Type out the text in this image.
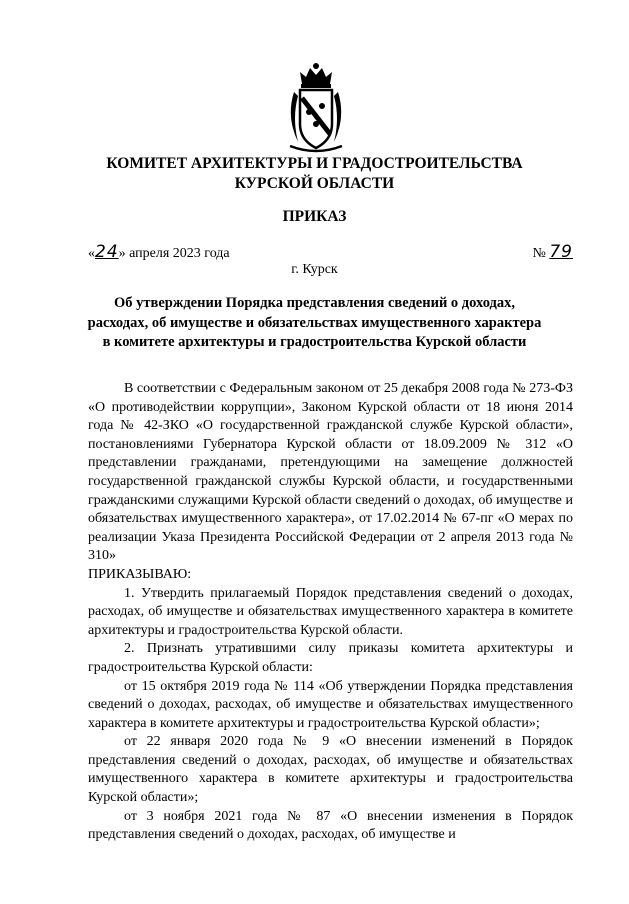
КОМИТЕТ АРХИТЕКТУРЫ И ГРАДОСТРОИТЕЛЬСТВА
КУРСКОЙ ОБЛАСТИ
ПРИКАЗ
«24» апреля 2023 года	№ 79
г. Курск
Об утверждении Порядка представления сведений о доходах,
расходах, об имуществе и обязательствах имущественного характера
в комитете архитектуры и градостроительства Курской области

В соответствии с Федеральным законом от 25 декабря 2008 года № 273-ФЗ «О противодействии коррупции», Законом Курской области от 18 июня 2014 года № 42-ЗКО «О государственной гражданской службе Курской области», постановлениями Губернатора Курской области от 18.09.2009 № 312 «О представлении гражданами, претендующими на замещение должностей государственной гражданской службы Курской области, и государственными гражданскими служащими Курской области сведений о доходах, об имуществе и обязательствах имущественного характера», от 17.02.2014 № 67-пг «О мерах по реализации Указа Президента Российской Федерации от 2 апреля 2013 года № 310»

ПРИКАЗЫВАЮ:

1. Утвердить прилагаемый Порядок представления сведений о доходах, расходах, об имуществе и обязательствах имущественного характера в комитете архитектуры и градостроительства Курской области.

2. Признать утратившими силу приказы комитета архитектуры и градостроительства Курской области:

от 15 октября 2019 года № 114 «Об утверждении Порядка представления сведений о доходах, расходах, об имуществе и обязательствах имущественного характера в комитете архитектуры и градостроительства Курской области»;

от 22 января 2020 года № 9 «О внесении изменений в Порядок представления сведений о доходах, расходах, об имуществе и обязательствах имущественного характера в комитете архитектуры и градостроительства Курской области»;

от 3 ноября 2021 года № 87 «О внесении изменения в Порядок представления сведений о доходах, расходах, об имуществе и
